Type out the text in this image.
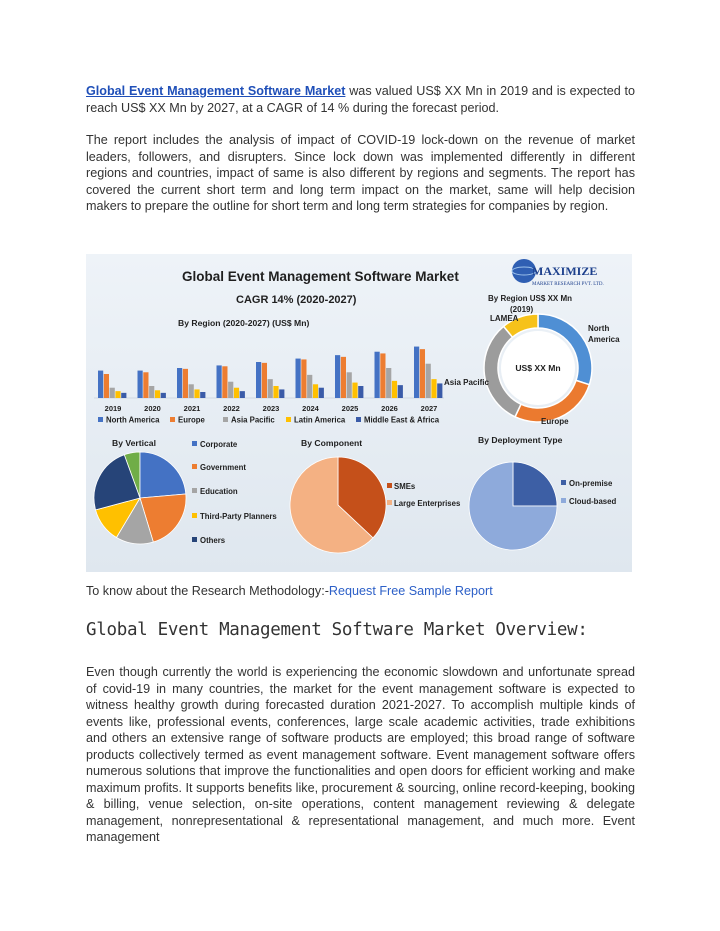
Global Event Management Software Market was valued US$ XX Mn in 2019 and is expected to reach US$ XX Mn by 2027, at a CAGR of 14 % during the forecast period.

The report includes the analysis of impact of COVID-19 lock-down on the revenue of market leaders, followers, and disrupters. Since lock down was implemented differently in different regions and countries, impact of same is also different by regions and segments. The report has covered the current short term and long term impact on the market, same will help decision makers to prepare the outline for short term and long term strategies for companies by region.

Global Event Management Software Market
CAGR 14% (2020-2027)
By Region (2020-2027) (US$ Mn)
MAXIMIZE
MARKET RESEARCH PVT. LTD.
2019	2020	2021	2022	2023	2024	2025	2026	2027
North America Europe	Asia Pacific Latin America Middle East & Africa
By Region US$ XX Mn
(2019)
US$ XX Mn
North
America
Europe
Asia Pacific
LAMEA
By Vertical	Corporate
Government
Education
Third-Party Planners
Others
By Component
SMEs
Large Enterprises
By Deployment Type
On-premise
Cloud-based
To know about the Research Methodology:-Request Free Sample Report
Global Event Management Software Market Overview:

Even though currently the world is experiencing the economic slowdown and unfortunate spread of covid-19 in many countries, the market for the event management software is expected to witness healthy growth during forecasted duration 2021-2027. To accomplish multiple kinds of events like, professional events, conferences, large scale academic activities, trade exhibitions and others an extensive range of software products are employed; this broad range of software products collectively termed as event management software. Event management software offers numerous solutions that improve the functionalities and open doors for efficient working and make maximum profits. It supports benefits like, procurement & sourcing, online record-keeping, booking & billing, venue selection, on-site operations, content management reviewing & delegate management, nonrepresentational & representational management, and much more. Event management
